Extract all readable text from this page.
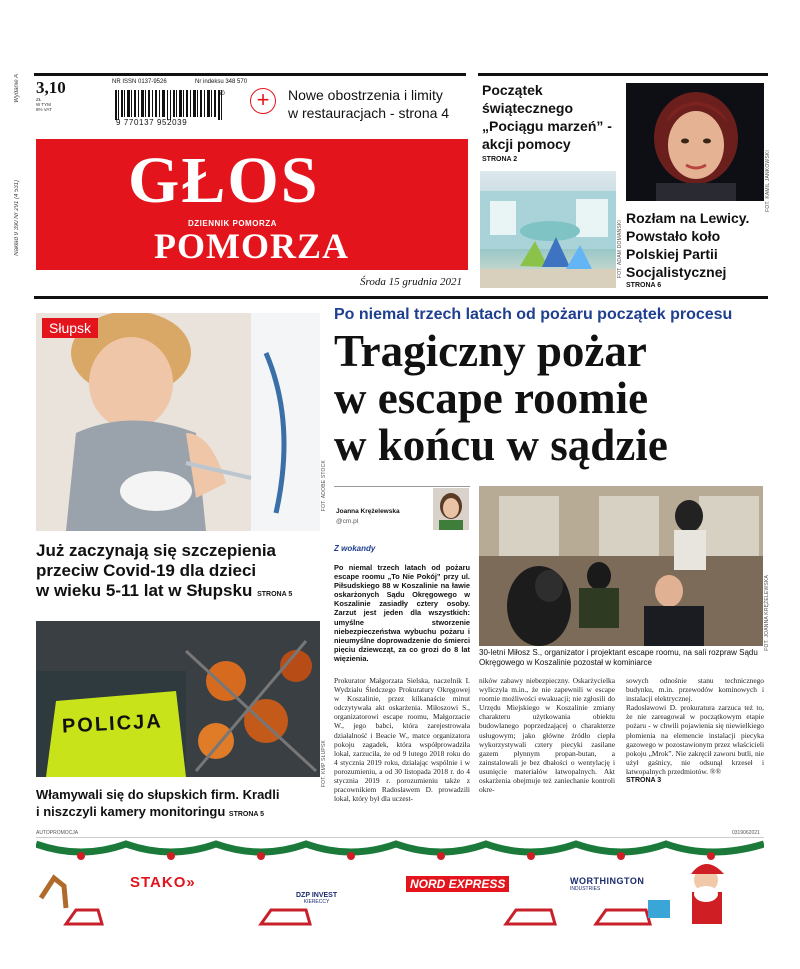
Wydanie A
Nakład 9 390 Nr 291 (4 531)
3,10
ZŁ
W TYM
8% VAT
NR ISSN 0137-9526	Nr indeksu 348 570
9 770137 952039
50 +	Nowe obostrzenia i limity
w restauracjach - strona 4
GŁOS
DZIENNIK POMORZA
POMORZA
Środa 15 grudnia 2021
Początek
świątecznego
„Pociągu marzeń” -
akcji pomocy
STRONA 2
FOT. ADAM DOMAŃSKI
FOT. KAMIL JANKOWSKI
Rozłam na Lewicy.
Powstało koło
Polskiej Partii
Socjalistycznej
STRONA 6
Słupsk
FOT. ADOBE STOCK
Już zaczynają się szczepienia
przeciw Covid-19 dla dzieci
w wieku 5-11 lat w Słupsku STRONA 5
POLICJA
FOT. KMP SŁUPSK
Włamywali się do słupskich firm. Kradli
i niszczyli kamery monitoringu STRONA 5
Po niemal trzech latach od pożaru początek procesu
Tragiczny pożar
w escape roomie
w końcu w sądzie
Joanna Krężelewska
@cm.pl
Z wokandy
Po niemal trzech latach od pożaru escape roomu „To Nie Pokój” przy ul. Piłsudskiego 88 w Koszalinie na ławie oskarżonych Sądu Okręgowego w Koszalinie zasiadły cztery osoby. Zarzut jest jeden dla wszystkich: umyślne stworzenie niebezpieczeństwa wybuchu pożaru i nieumyślne doprowadzenie do śmierci pięciu dziewcząt, za co grozi do 8 lat więzienia.
FOT. JOANNA KRĘŻELEWSKA
30-letni Miłosz S., organizator i projektant escape roomu, na sali rozpraw Sądu Okręgowego w Koszalinie pozostał w kominiarce
Prokurator Małgorzata Sielska, naczelnik I. Wydziału Śledczego Prokuratury Okręgowej w Koszalinie, przez kilkanaście minut odczytywała akt oskarżenia. Miłoszowi S., organizatorowi escape roomu, Małgorzacie W., jego babci, która zarejestrowała działalność i Beacie W., matce organizatora pokoju zagadek, która współprowadziła lokal, zarzuciła, że od 9 lutego 2018 roku do 4 stycznia 2019 roku, działając wspólnie i w porozumieniu, a od 30 listopada 2018 r. do 4 stycznia 2019 r. porozumieniu także z pracownikiem Radosławem D. prowadzili lokal, który był dla uczest-
ników zabawy niebezpieczny. Oskarżycielka wyliczyła m.in., że nie zapewnili w escape roomie możliwości ewakuacji; nie zgłosili do Urzędu Miejskiego w Koszalinie zmiany charakteru użytkowania obiektu budowlanego poprzedzającej o charakterze usługowym; jako główne źródło ciepła wykorzystywali cztery piecyki zasilane gazem płynnym propan-butan, a zainstalowali je bez dbałości o wentylację i usunięcie materiałów łatwopalnych. Akt oskarżenia obejmuje też zaniechanie kontroli okre-
sowych odnośnie stanu technicznego budynku, m.in. przewodów kominowych i instalacji elektrycznej.
Radosławowi D. prokuratura zarzuca też to, że nie zareagował w początkowym etapie pożaru - w chwili pojawienia się niewielkiego płomienia na elemencie instalacji piecyka gazowego w pozostawionym przez właścicieli pokoju „Mrok”. Nie zakręcił zaworu butli, nie użył gaśnicy, nie odsunął krzeseł i łatwopalnych przedmiotów. ®®
STRONA 3
AUTOPROMOCJA	0319062021
STAKO»
DZP INVEST
KIERECCY
NORD EXPRESS	WORTHINGTON
INDUSTRIES
